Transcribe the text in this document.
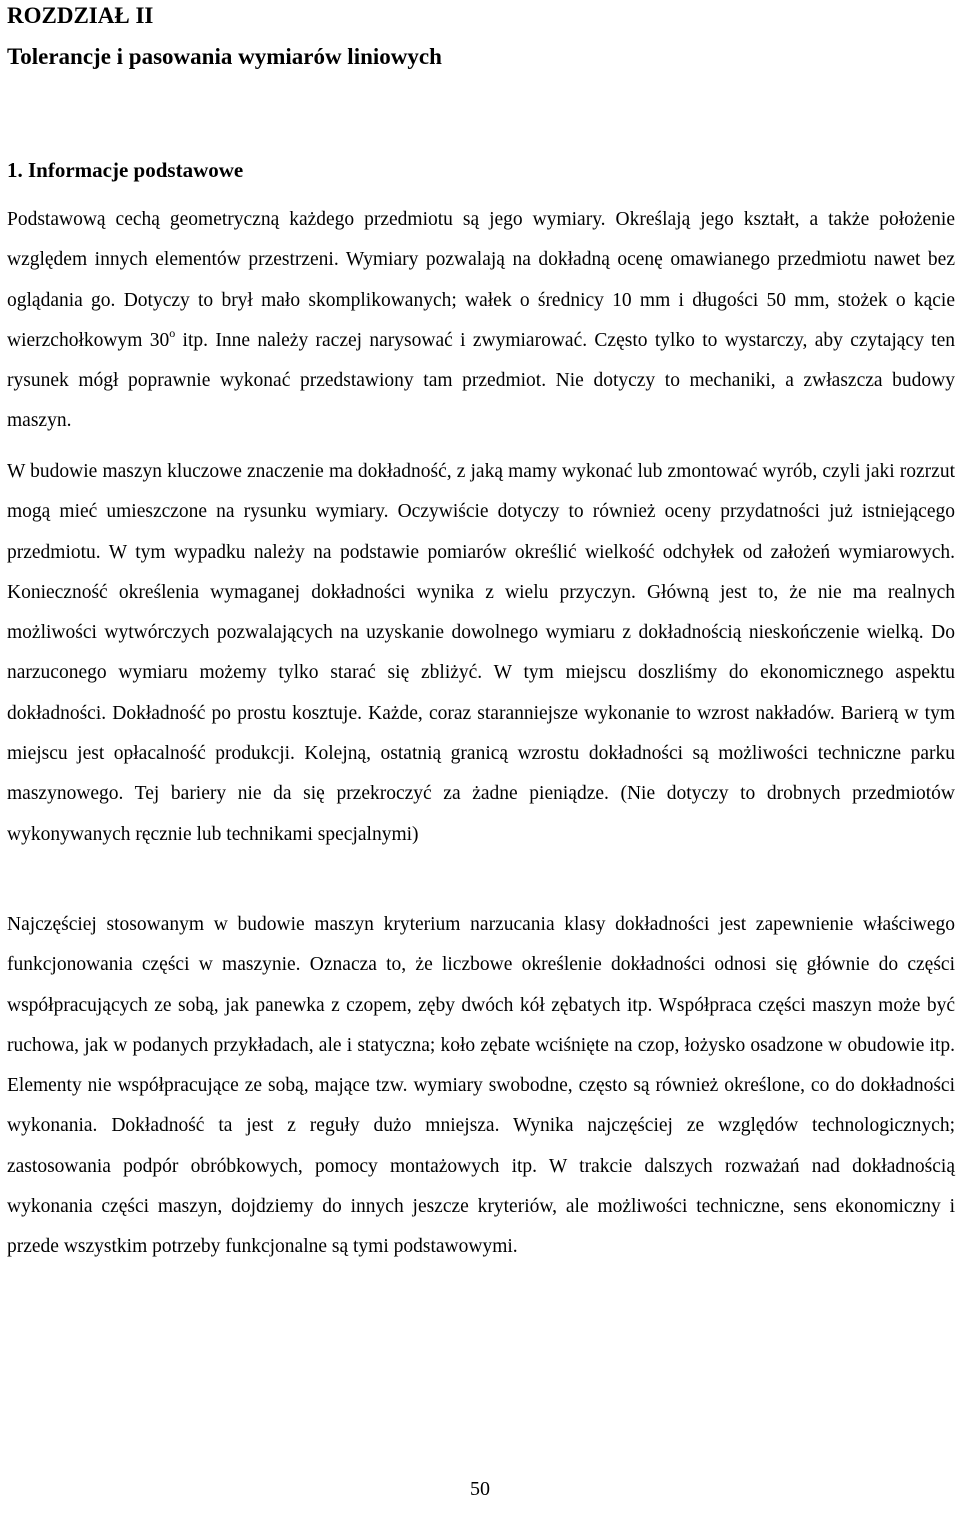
ROZDZIAŁ II
Tolerancje i pasowania wymiarów liniowych
1. Informacje podstawowe

Podstawową cechą geometryczną każdego przedmiotu są jego wymiary. Określają jego kształt, a także położenie względem innych elementów przestrzeni. Wymiary pozwalają na dokładną ocenę omawianego przedmiotu nawet bez oglądania go. Dotyczy to brył mało skomplikowanych; wałek o średnicy 10 mm i długości 50 mm, stożek o kącie wierzchołkowym 30$^o$ itp. Inne należy raczej narysować i zwymiarować. Często tylko to wystarczy, aby czytający ten rysunek mógł poprawnie wykonać przedstawiony tam przedmiot. Nie dotyczy to mechaniki, a zwłaszcza budowy maszyn.

W budowie maszyn kluczowe znaczenie ma dokładność, z jaką mamy wykonać lub zmontować wyrób, czyli jaki rozrzut mogą mieć umieszczone na rysunku wymiary. Oczywiście dotyczy to również oceny przydatności już istniejącego przedmiotu. W tym wypadku należy na podstawie pomiarów określić wielkość odchyłek od założeń wymiarowych. Konieczność określenia wymaganej dokładności wynika z wielu przyczyn. Główną jest to, że nie ma realnych możliwości wytwórczych pozwalających na uzyskanie dowolnego wymiaru z dokładnością nieskończenie wielką. Do narzuconego wymiaru możemy tylko starać się zbliżyć. W tym miejscu doszliśmy do ekonomicznego aspektu dokładności. Dokładność po prostu kosztuje. Każde, coraz staranniejsze wykonanie to wzrost nakładów. Barierą w tym miejscu jest opłacalność produkcji. Kolejną, ostatnią granicą wzrostu dokładności są możliwości techniczne parku maszynowego. Tej bariery nie da się przekroczyć za żadne pieniądze. (Nie dotyczy to drobnych przedmiotów wykonywanych ręcznie lub technikami specjalnymi)

Najczęściej stosowanym w budowie maszyn kryterium narzucania klasy dokładności jest zapewnienie właściwego funkcjonowania części w maszynie. Oznacza to, że liczbowe określenie dokładności odnosi się głównie do części współpracujących ze sobą, jak panewka z czopem, zęby dwóch kół zębatych itp. Współpraca części maszyn może być ruchowa, jak w podanych przykładach, ale i statyczna; koło zębate wciśnięte na czop, łożysko osadzone w obudowie itp. Elementy nie współpracujące ze sobą, mające tzw. wymiary swobodne, często są również określone, co do dokładności wykonania. Dokładność ta jest z reguły dużo mniejsza. Wynika najczęściej ze względów technologicznych; zastosowania podpór obróbkowych, pomocy montażowych itp. W trakcie dalszych rozważań nad dokładnością wykonania części maszyn, dojdziemy do innych jeszcze kryteriów, ale możliwości techniczne, sens ekonomiczny i przede wszystkim potrzeby funkcjonalne są tymi podstawowymi.

50
